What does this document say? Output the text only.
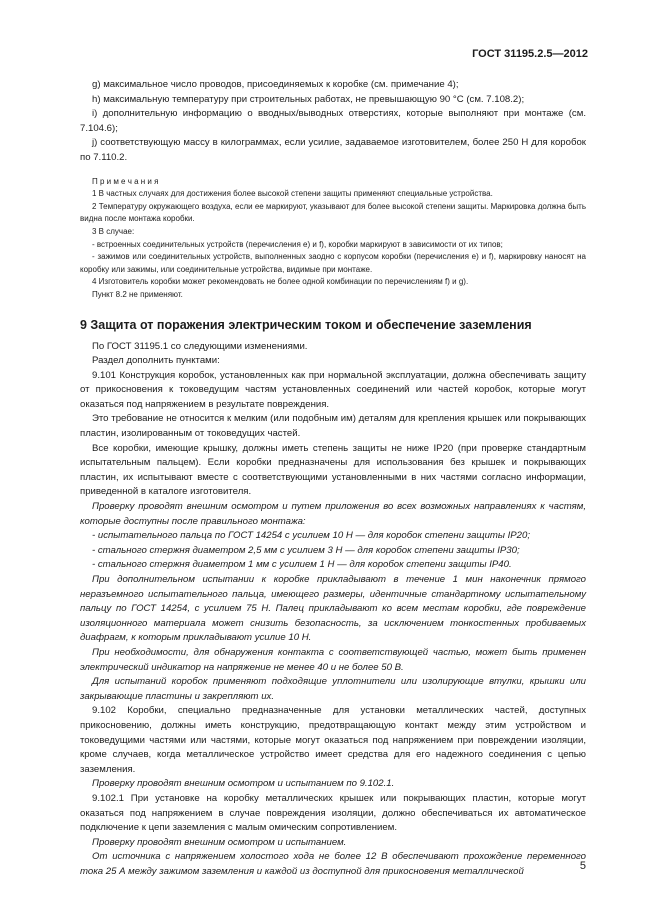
ГОСТ 31195.2.5—2012

g) максимальное число проводов, присоединяемых к коробке (см. примечание 4);

h) максимальную температуру при строительных работах, не превышающую 90 °C (см. 7.108.2);

i) дополнительную информацию о вводных/выводных отверстиях, которые выполняют при монтаже (см. 7.104.6);

j) соответствующую массу в килограммах, если усилие, задаваемое изготовителем, более 250 Н для коробок по 7.110.2.

П р и м е ч а н и я

1 В частных случаях для достижения более высокой степени защиты применяют специальные устройства.

2 Температуру окружающего воздуха, если ее маркируют, указывают для более высокой степени защиты. Маркировка должна быть видна после монтажа коробки.

3 В случае:

- встроенных соединительных устройств (перечисления е) и f), коробки маркируют в зависимости от их типов;

- зажимов или соединительных устройств, выполненных заодно с корпусом коробки (перечисления е) и f), маркировку наносят на коробку или зажимы, или соединительные устройства, видимые при монтаже.

4 Изготовитель коробки может рекомендовать не более одной комбинации по перечислениям f) и g).

Пункт 8.2 не применяют.

9 Защита от поражения электрическим током и обеспечение заземления

По ГОСТ 31195.1 со следующими изменениями.

Раздел дополнить пунктами:

9.101 Конструкция коробок, установленных как при нормальной эксплуатации, должна обеспечивать защиту от прикосновения к токоведущим частям установленных соединений или частей коробок, которые могут оказаться под напряжением в результате повреждения.

Это требование не относится к мелким (или подобным им) деталям для крепления крышек или покрывающих пластин, изолированным от токоведущих частей.

Все коробки, имеющие крышку, должны иметь степень защиты не ниже IP20 (при проверке стандартным испытательным пальцем). Если коробки предназначены для использования без крышек и покрывающих пластин, их испытывают вместе с соответствующими установленными в них частями согласно информации, приведенной в каталоге изготовителя.

Проверку проводят внешним осмотром и путем приложения во всех возможных направлениях к частям, которые доступны после правильного монтажа:

- испытательного пальца по ГОСТ 14254 с усилием 10 Н — для коробок степени защиты IP20;

- стального стержня диаметром 2,5 мм с усилием 3 Н — для коробок степени защиты IP30;

- стального стержня диаметром 1 мм с усилием 1 Н — для коробок степени защиты IP40.

При дополнительном испытании к коробке прикладывают в течение 1 мин наконечник прямого неразъемного испытательного пальца, имеющего размеры, идентичные стандартному испытательному пальцу по ГОСТ 14254, с усилием 75 Н. Палец прикладывают ко всем местам коробки, где повреждение изоляционного материала может снизить безопасность, за исключением тонкостенных пробиваемых диафрагм, к которым прикладывают усилие 10 Н.

При необходимости, для обнаружения контакта с соответствующей частью, может быть применен электрический индикатор на напряжение не менее 40 и не более 50 В.

Для испытаний коробок применяют подходящие уплотнители или изолирующие втулки, крышки или закрывающие пластины и закрепляют их.

9.102 Коробки, специально предназначенные для установки металлических частей, доступных прикосновению, должны иметь конструкцию, предотвращающую контакт между этим устройством и токоведущими частями или частями, которые могут оказаться под напряжением при повреждении изоляции, кроме случаев, когда металлическое устройство имеет средства для его надежного соединения с цепью заземления.

Проверку проводят внешним осмотром и испытанием по 9.102.1.

9.102.1 При установке на коробку металлических крышек или покрывающих пластин, которые могут оказаться под напряжением в случае повреждения изоляции, должно обеспечиваться их автоматическое подключение к цепи заземления с малым омическим сопротивлением.

Проверку проводят внешним осмотром и испытанием.

От источника с напряжением холостого хода не более 12 В обеспечивают прохождение переменного тока 25 А между зажимом заземления и каждой из доступной для прикосновения металлической	5
